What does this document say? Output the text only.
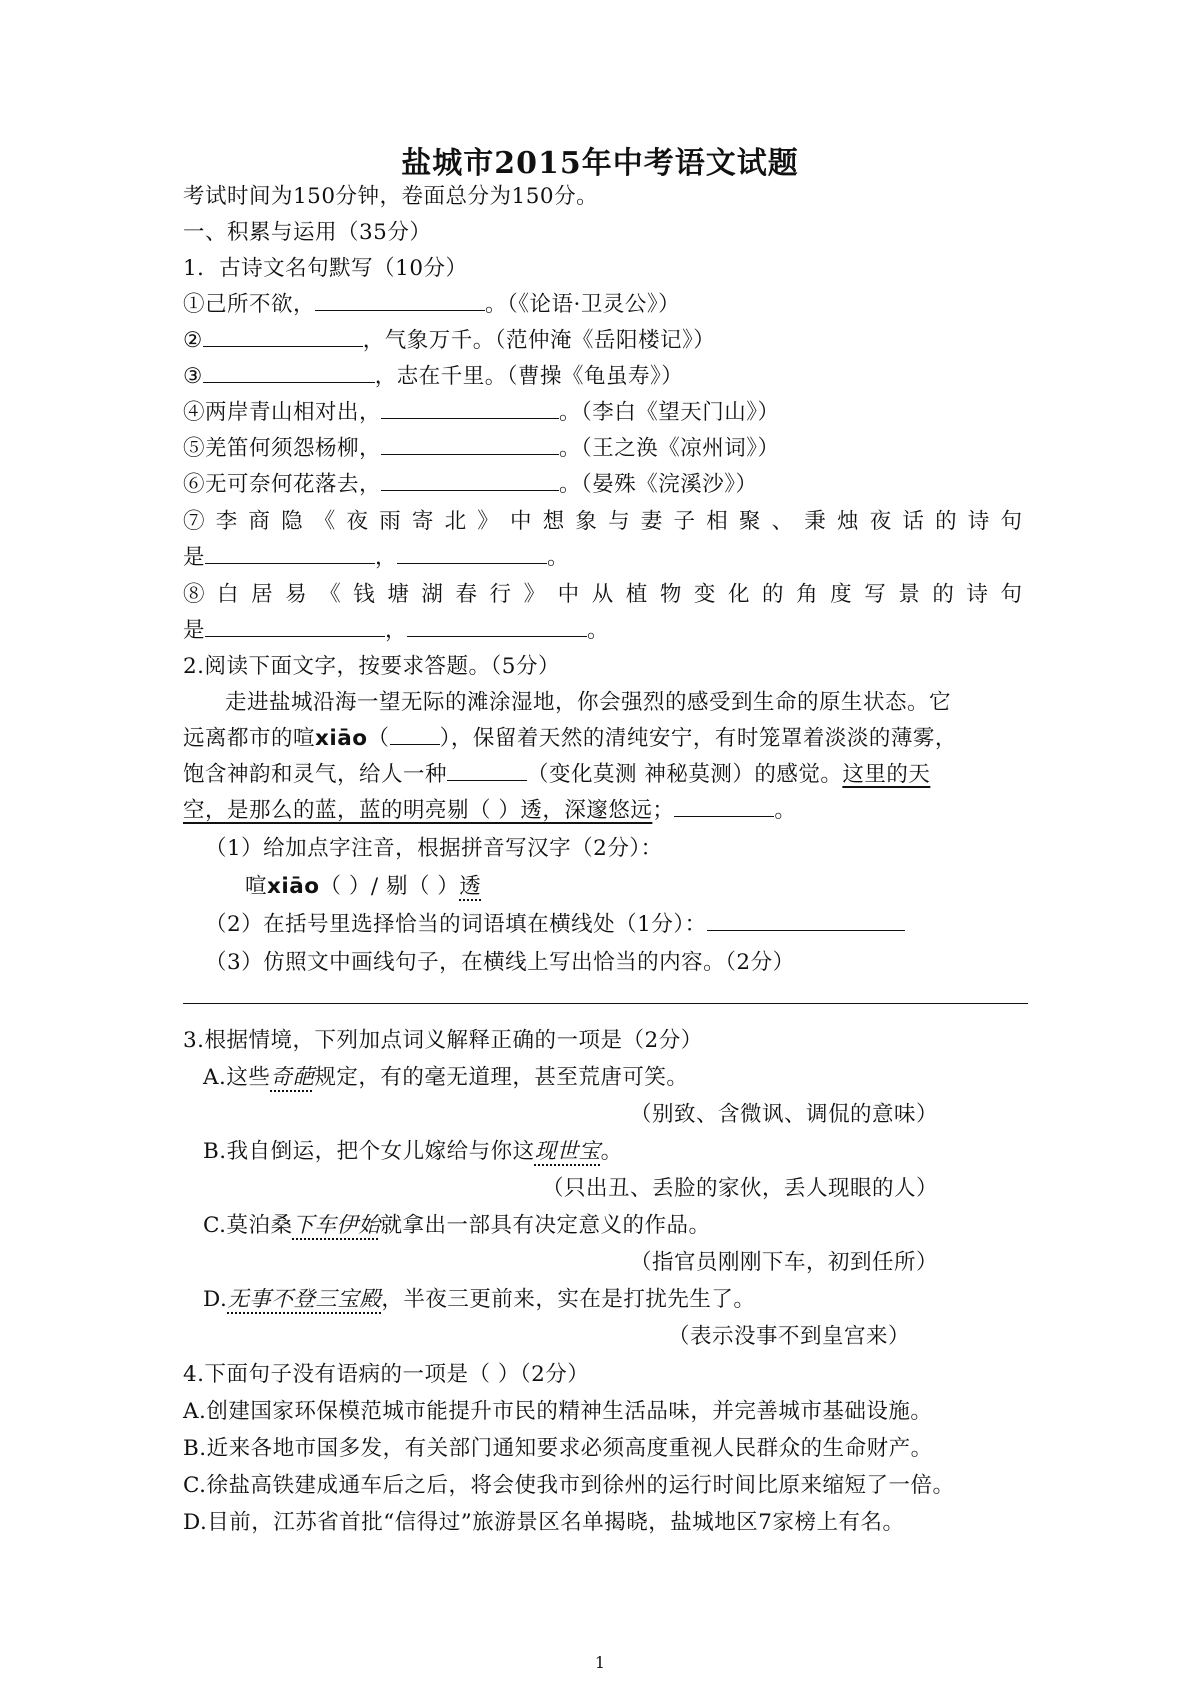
盐城市2015年中考语文试题
考试时间为150分钟，卷面总分为150分。
一、积累与运用（35分）
1．古诗文名句默写（10分）
①己所不欲，	。（《论语·卫灵公》）
②	，气象万千。（范仲淹《岳阳楼记》）
③	，志在千里。（曹操《龟虽寿》）
④两岸青山相对出，	。（李白《望天门山》）
⑤羌笛何须怨杨柳，	。（王之涣《凉州词》）
⑥无可奈何花落去，	。（晏殊《浣溪沙》）
⑦李商隐《夜雨寄北》中想象与妻子相聚、秉烛夜话的诗句
是	，	。
⑧白居易《钱塘湖春行》中从植物变化的角度写景的诗句
是	，	。
2.阅读下面文字，按要求答题。（5分）
走进盐城沿海一望无际的滩涂湿地，你会强烈的感受到生命的原生状态。它
远离都市的喧xiāo（ ），保留着天然的清纯安宁，有时笼罩着淡淡的薄雾，
饱含神韵和灵气，给人一种	（变化莫测 神秘莫测）的感觉。这里的天
空，是那么的蓝，蓝的明亮剔（ ）透，深邃悠远；	。
（1）给加点字注音，根据拼音写汉字（2分）：
喧xiāo（ ）/ 剔（ ）透
（2）在括号里选择恰当的词语填在横线处（1分）：
（3）仿照文中画线句子，在横线上写出恰当的内容。（2分）
3.根据情境，下列加点词义解释正确的一项是（2分）
A.这些奇葩规定，有的毫无道理，甚至荒唐可笑。
（别致、含微讽、调侃的意味）
B.我自倒运，把个女儿嫁给与你这现世宝。
（只出丑、丢脸的家伙，丢人现眼的人）
C.莫泊桑下车伊始就拿出一部具有决定意义的作品。
（指官员刚刚下车，初到任所）
D.无事不登三宝殿，半夜三更前来，实在是打扰先生了。
（表示没事不到皇宫来）
4.下面句子没有语病的一项是（ ）（2分）
A.创建国家环保模范城市能提升市民的精神生活品味，并完善城市基础设施。
B.近来各地市国多发，有关部门通知要求必须高度重视人民群众的生命财产。
C.徐盐高铁建成通车后之后，将会使我市到徐州的运行时间比原来缩短了一倍。
D.目前，江苏省首批“信得过”旅游景区名单揭晓，盐城地区7家榜上有名。
1
